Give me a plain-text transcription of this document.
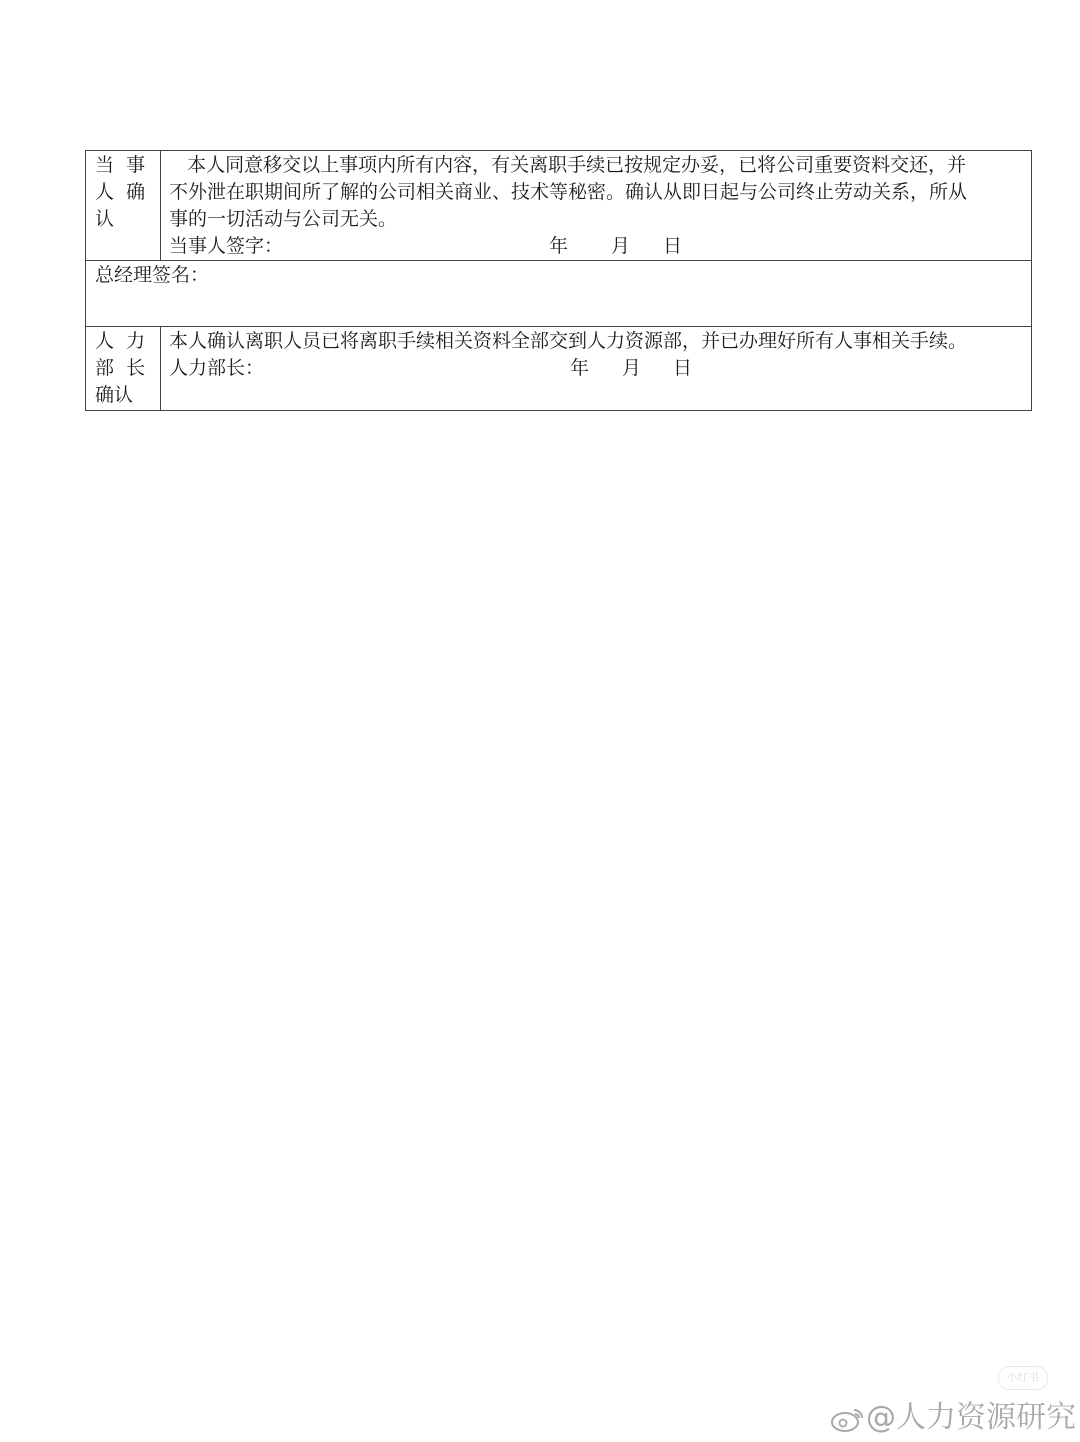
当  事

人  确

认

本人同意移交以上事项内所有内容，有关离职手续已按规定办妥，已将公司重要资料交还，并

不外泄在职期间所了解的公司相关商业、技术等秘密。确认从即日起与公司终止劳动关系，所从

事的一切活动与公司无关。

当事人签字：	年 月 日

总经理签名：

人  力

部  长

确认

本人确认离职人员已将离职手续相关资料全部交到人力资源部，并已办理好所有人事相关手续。

人力部长：	年 月 日

小红书
@人力资源研究
